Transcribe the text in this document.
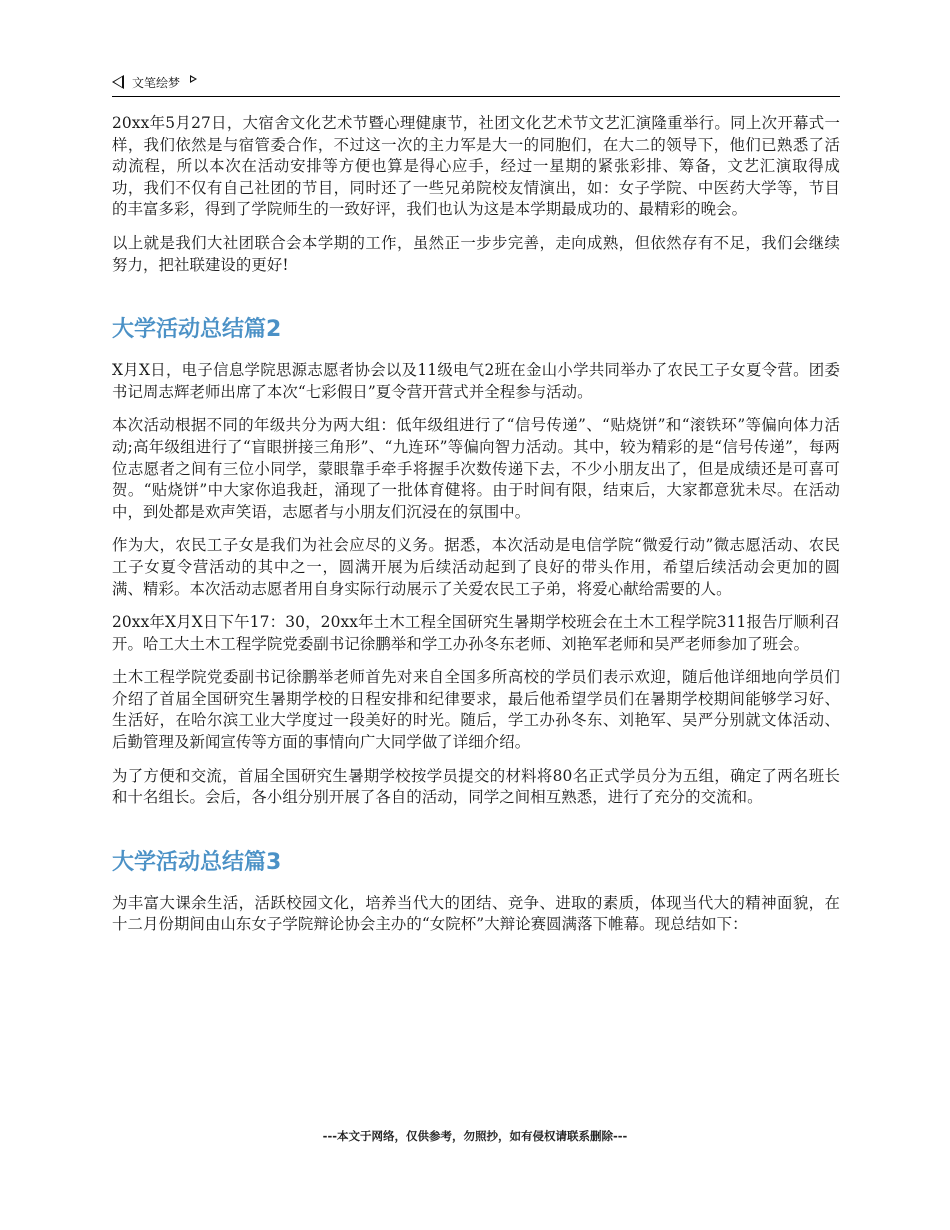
文笔绘梦

20xx年5月27日，大宿舍文化艺术节暨心理健康节，社团文化艺术节文艺汇演隆重举行。同上次开幕式一样，我们依然是与宿管委合作，不过这一次的主力军是大一的同胞们，在大二的领导下，他们已熟悉了活动流程，所以本次在活动安排等方便也算是得心应手，经过一星期的紧张彩排、筹备，文艺汇演取得成功，我们不仅有自己社团的节目，同时还了一些兄弟院校友情演出，如：女子学院、中医药大学等，节目的丰富多彩，得到了学院师生的一致好评，我们也认为这是本学期最成功的、最精彩的晚会。

以上就是我们大社团联合会本学期的工作，虽然正一步步完善，走向成熟，但依然存有不足，我们会继续努力，把社联建设的更好!

大学活动总结篇2

X月X日，电子信息学院思源志愿者协会以及11级电气2班在金山小学共同举办了农民工子女夏令营。团委书记周志辉老师出席了本次“七彩假日”夏令营开营式并全程参与活动。

本次活动根据不同的年级共分为两大组：低年级组进行了“信号传递”、“贴烧饼”和“滚铁环”等偏向体力活动;高年级组进行了“盲眼拼接三角形”、“九连环”等偏向智力活动。其中，较为精彩的是“信号传递”，每两位志愿者之间有三位小同学，蒙眼靠手牵手将握手次数传递下去，不少小朋友出了，但是成绩还是可喜可贺。“贴烧饼”中大家你追我赶，涌现了一批体育健将。由于时间有限，结束后，大家都意犹未尽。在活动中，到处都是欢声笑语，志愿者与小朋友们沉浸在的氛围中。

作为大，农民工子女是我们为社会应尽的义务。据悉，本次活动是电信学院“微爱行动”微志愿活动、农民工子女夏令营活动的其中之一，圆满开展为后续活动起到了良好的带头作用，希望后续活动会更加的圆满、精彩。本次活动志愿者用自身实际行动展示了关爱农民工子弟，将爱心献给需要的人。

20xx年X月X日下午17：30，20xx年土木工程全国研究生暑期学校班会在土木工程学院311报告厅顺利召开。哈工大土木工程学院党委副书记徐鹏举和学工办孙冬东老师、刘艳军老师和吴严老师参加了班会。

土木工程学院党委副书记徐鹏举老师首先对来自全国多所高校的学员们表示欢迎，随后他详细地向学员们介绍了首届全国研究生暑期学校的日程安排和纪律要求，最后他希望学员们在暑期学校期间能够学习好、生活好，在哈尔滨工业大学度过一段美好的时光。随后，学工办孙冬东、刘艳军、吴严分别就文体活动、后勤管理及新闻宣传等方面的事情向广大同学做了详细介绍。

为了方便和交流，首届全国研究生暑期学校按学员提交的材料将80名正式学员分为五组，确定了两名班长和十名组长。会后，各小组分别开展了各自的活动，同学之间相互熟悉，进行了充分的交流和。

大学活动总结篇3

为丰富大课余生活，活跃校园文化，培养当代大的团结、竞争、进取的素质，体现当代大的精神面貌，在十二月份期间由山东女子学院辩论协会主办的“女院杯”大辩论赛圆满落下帷幕。现总结如下：

---本文于网络，仅供参考，勿照抄，如有侵权请联系删除---
